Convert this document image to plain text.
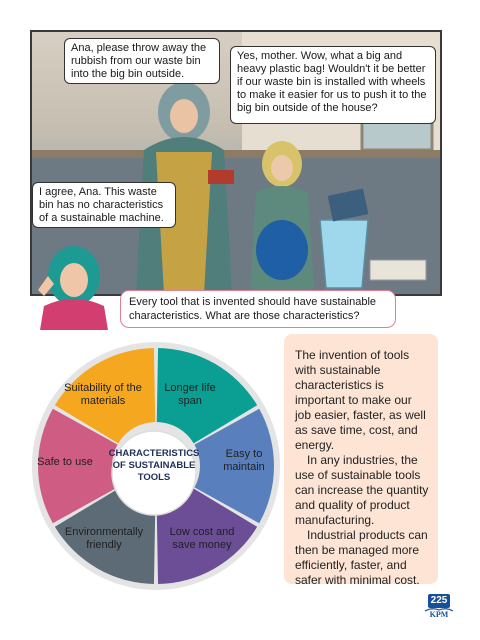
Ana, please throw away the rubbish from our waste bin into the big bin outside.
Yes, mother. Wow, what a big and heavy plastic bag! Wouldn't it be better if our waste bin is installed with wheels to make it easier for us to push it to the big bin outside of the house?
I agree, Ana. This waste bin has no characteristics of a sustainable machine.
Every tool that is invented should have sustainable characteristics. What are those characteristics?
Suitability of the materials
Longer life span
Easy to maintain
Low cost and save money
Environmentally friendly
Safe to use
CHARACTERISTICS OF SUSTAINABLE TOOLS

The invention of tools with sustainable characteristics is important to make our job easier, faster, as well as save time, cost, and energy.

In any industries, the use of sustainable tools can increase the quantity and quality of product manufacturing.

Industrial products can then be managed more efficiently, faster, and safer with minimal cost.

225
KPM
